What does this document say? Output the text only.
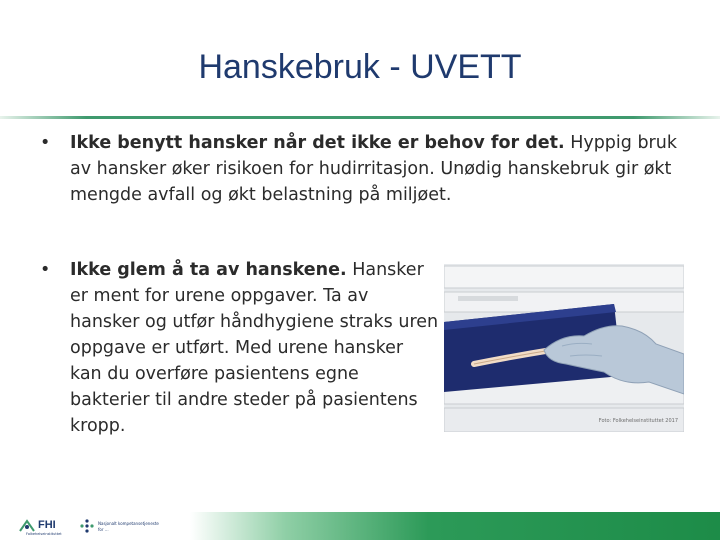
Hanskebruk - UVETT
• Ikke benytt hansker når det ikke er behov for det. Hyppig bruk av hansker øker risikoen for hudirritasjon. Unødig hanskebruk gir økt mengde avfall og økt belastning på miljøet.
• Ikke glem å ta av hanskene. Hansker er ment for urene oppgaver. Ta av hansker og utfør håndhygiene straks uren oppgave er utført. Med urene hansker kan du overføre pasientens egne bakterier til andre steder på pasientens kropp.	Foto: Folkehelseinstituttet 2017
FHI
Folkehelseinstituttet
Nasjonalt kompetansetjeneste
for ...
